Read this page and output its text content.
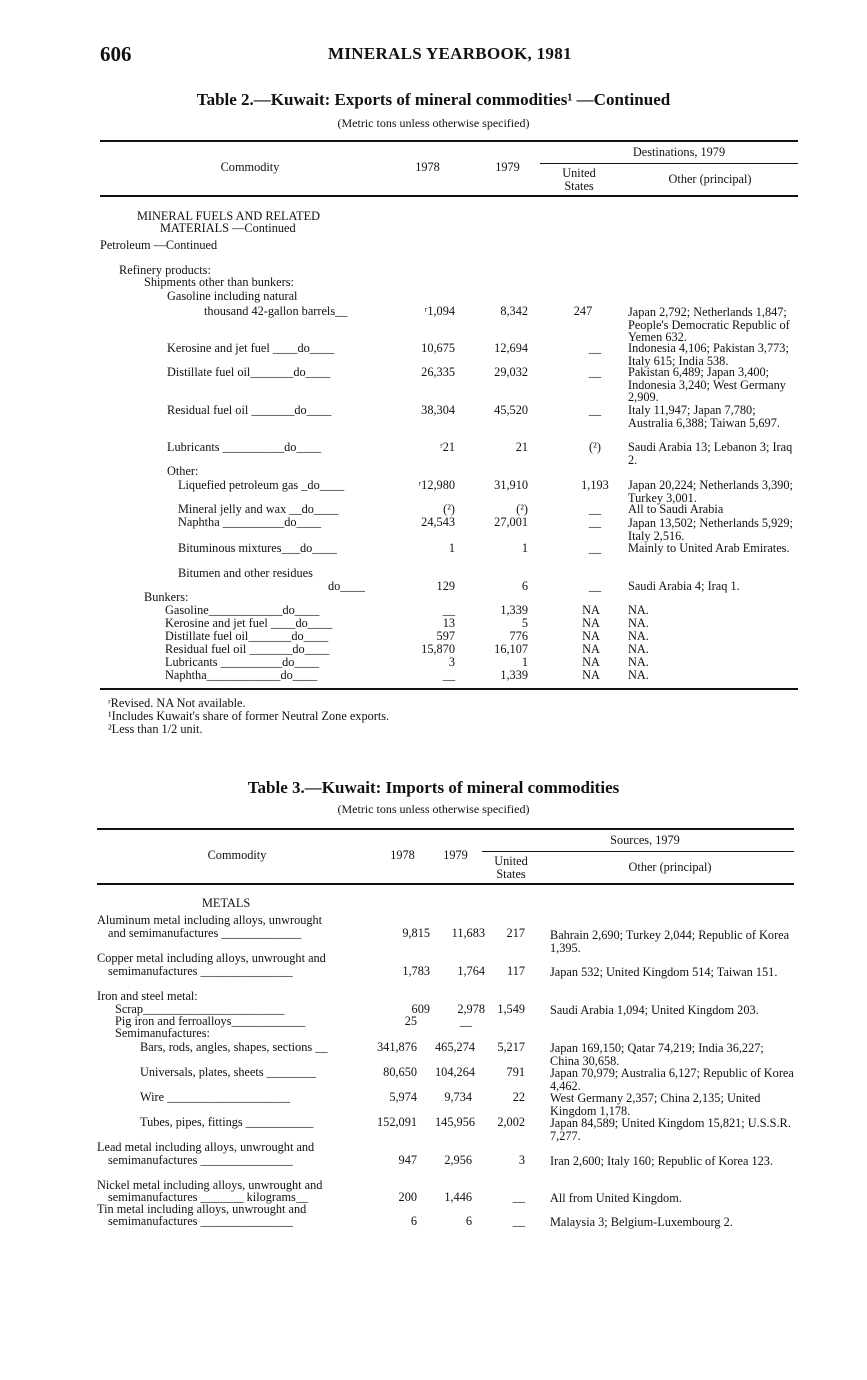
606	MINERALS YEARBOOK, 1981
Table 2.—Kuwait: Exports of mineral commodities¹ —Continued
(Metric tons unless otherwise specified)
Commodity	1978	1979
Destinations, 1979
United States	Other (principal)
MINERAL FUELS AND RELATED
MATERIALS —Continued
Petroleum —Continued
Refinery products:
Shipments other than bunkers:
Gasoline including natural
Other:
Bitumen and other residues
Bunkers:
thousand 42-gallon barrels__	ʳ1,094	8,342	247	Japan 2,792; Netherlands 1,847; People's Democratic Republic of Yemen 632.
Kerosine and jet fuel ____do____	10,675	12,694	__	Indonesia 4,106; Pakistan 3,773; Italy 615; India 538.
Distillate fuel oil_______do____	26,335	29,032	__	Pakistan 6,489; Japan 3,400; Indonesia 3,240; West Germany 2,909.
Residual fuel oil _______do____	38,304	45,520	__	Italy 11,947; Japan 7,780; Australia 6,388; Taiwan 5,697.
Lubricants __________do____	ʳ21	21	(²)	Saudi Arabia 13; Lebanon 3; Iraq 2.
Liquefied petroleum gas _do____	ʳ12,980	31,910	1,193	Japan 20,224; Netherlands 3,390; Turkey 3,001.
Mineral jelly and wax __do____	(²)	(²)	__	All to Saudi Arabia
Naphtha __________do____	24,543	27,001	__	Japan 13,502; Netherlands 5,929; Italy 2,516.
Bituminous mixtures___do____	1	1	__	Mainly to United Arab Emirates.
do____	129	6	__	Saudi Arabia 4; Iraq 1.
Gasoline____________do____	__	1,339	NA	NA.
Kerosine and jet fuel ____do____	13	5	NA	NA.
Distillate fuel oil_______do____	597	776	NA	NA.
Residual fuel oil _______do____	15,870	16,107	NA	NA.
Lubricants __________do____	3	1	NA	NA.
Naphtha____________do____	__	1,339	NA	NA.
ʳRevised. NA Not available.
¹Includes Kuwait's share of former Neutral Zone exports.
²Less than 1/2 unit.
Table 3.—Kuwait: Imports of mineral commodities
(Metric tons unless otherwise specified)
Commodity	1978	1979
Sources, 1979
United States	Other (principal)
METALS
Aluminum metal including alloys, unwrought
and semimanufactures _____________	9,815	11,683	217 Bahrain 2,690; Turkey 2,044; Republic of Korea 1,395.
Copper metal including alloys, unwrought and
semimanufactures _______________	1,783	1,764	117 Japan 532; United Kingdom 514; Taiwan 151.
Iron and steel metal:
Scrap_______________________	609	2,978	1,549 Saudi Arabia 1,094; United Kingdom 203.
Pig iron and ferroalloys____________	25	__
Semimanufactures:
Bars, rods, angles, shapes, sections __	341,876	465,274	5,217 Japan 169,150; Qatar 74,219; India 36,227; China 30,658.
Universals, plates, sheets ________	80,650	104,264	791 Japan 70,979; Australia 6,127; Republic of Korea 4,462.
Wire ____________________	5,974	9,734	22 West Germany 2,357; China 2,135; United Kingdom 1,178.
Tubes, pipes, fittings ___________	152,091	145,956	2,002 Japan 84,589; United Kingdom 15,821; U.S.S.R. 7,277.
Lead metal including alloys, unwrought and
semimanufactures _______________	947	2,956	3 Iran 2,600; Italy 160; Republic of Korea 123.
Nickel metal including alloys, unwrought and
semimanufactures _______ kilograms__	200	1,446	__ All from United Kingdom.
Tin metal including alloys, unwrought and
semimanufactures _______________	6	6	__ Malaysia 3; Belgium-Luxembourg 2.
